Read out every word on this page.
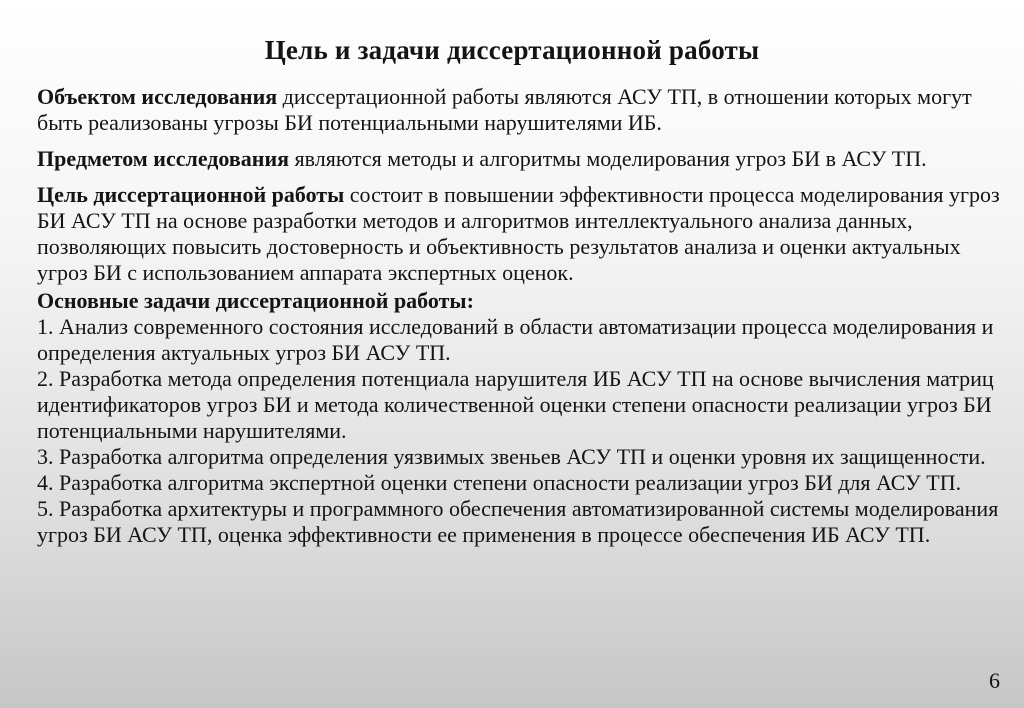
Цель и задачи диссертационной работы

Объектом исследования диссертационной работы являются АСУ ТП, в отношении которых могут быть реализованы угрозы БИ потенциальными нарушителями ИБ.

Предметом исследования являются методы и алгоритмы моделирования угроз БИ в АСУ ТП.

Цель диссертационной работы состоит в повышении эффективности процесса моделирования угроз БИ АСУ ТП на основе разработки методов и алгоритмов интеллектуального анализа данных, позволяющих повысить достоверность и объективность результатов анализа и оценки актуальных угроз БИ с использованием аппарата экспертных оценок.

Основные задачи диссертационной работы:

1. Анализ современного состояния исследований в области автоматизации процесса моделирования и определения актуальных угроз БИ АСУ ТП.

2. Разработка метода определения потенциала нарушителя ИБ АСУ ТП на основе вычисления матриц идентификаторов угроз БИ и метода количественной оценки степени опасности реализации угроз БИ потенциальными нарушителями.

3. Разработка алгоритма определения уязвимых звеньев АСУ ТП и оценки уровня их защищенности.

4. Разработка алгоритма экспертной оценки степени опасности реализации угроз БИ для АСУ ТП.

5. Разработка архитектуры и программного обеспечения автоматизированной системы моделирования угроз БИ АСУ ТП, оценка эффективности ее применения в процессе обеспечения ИБ АСУ ТП.

6
